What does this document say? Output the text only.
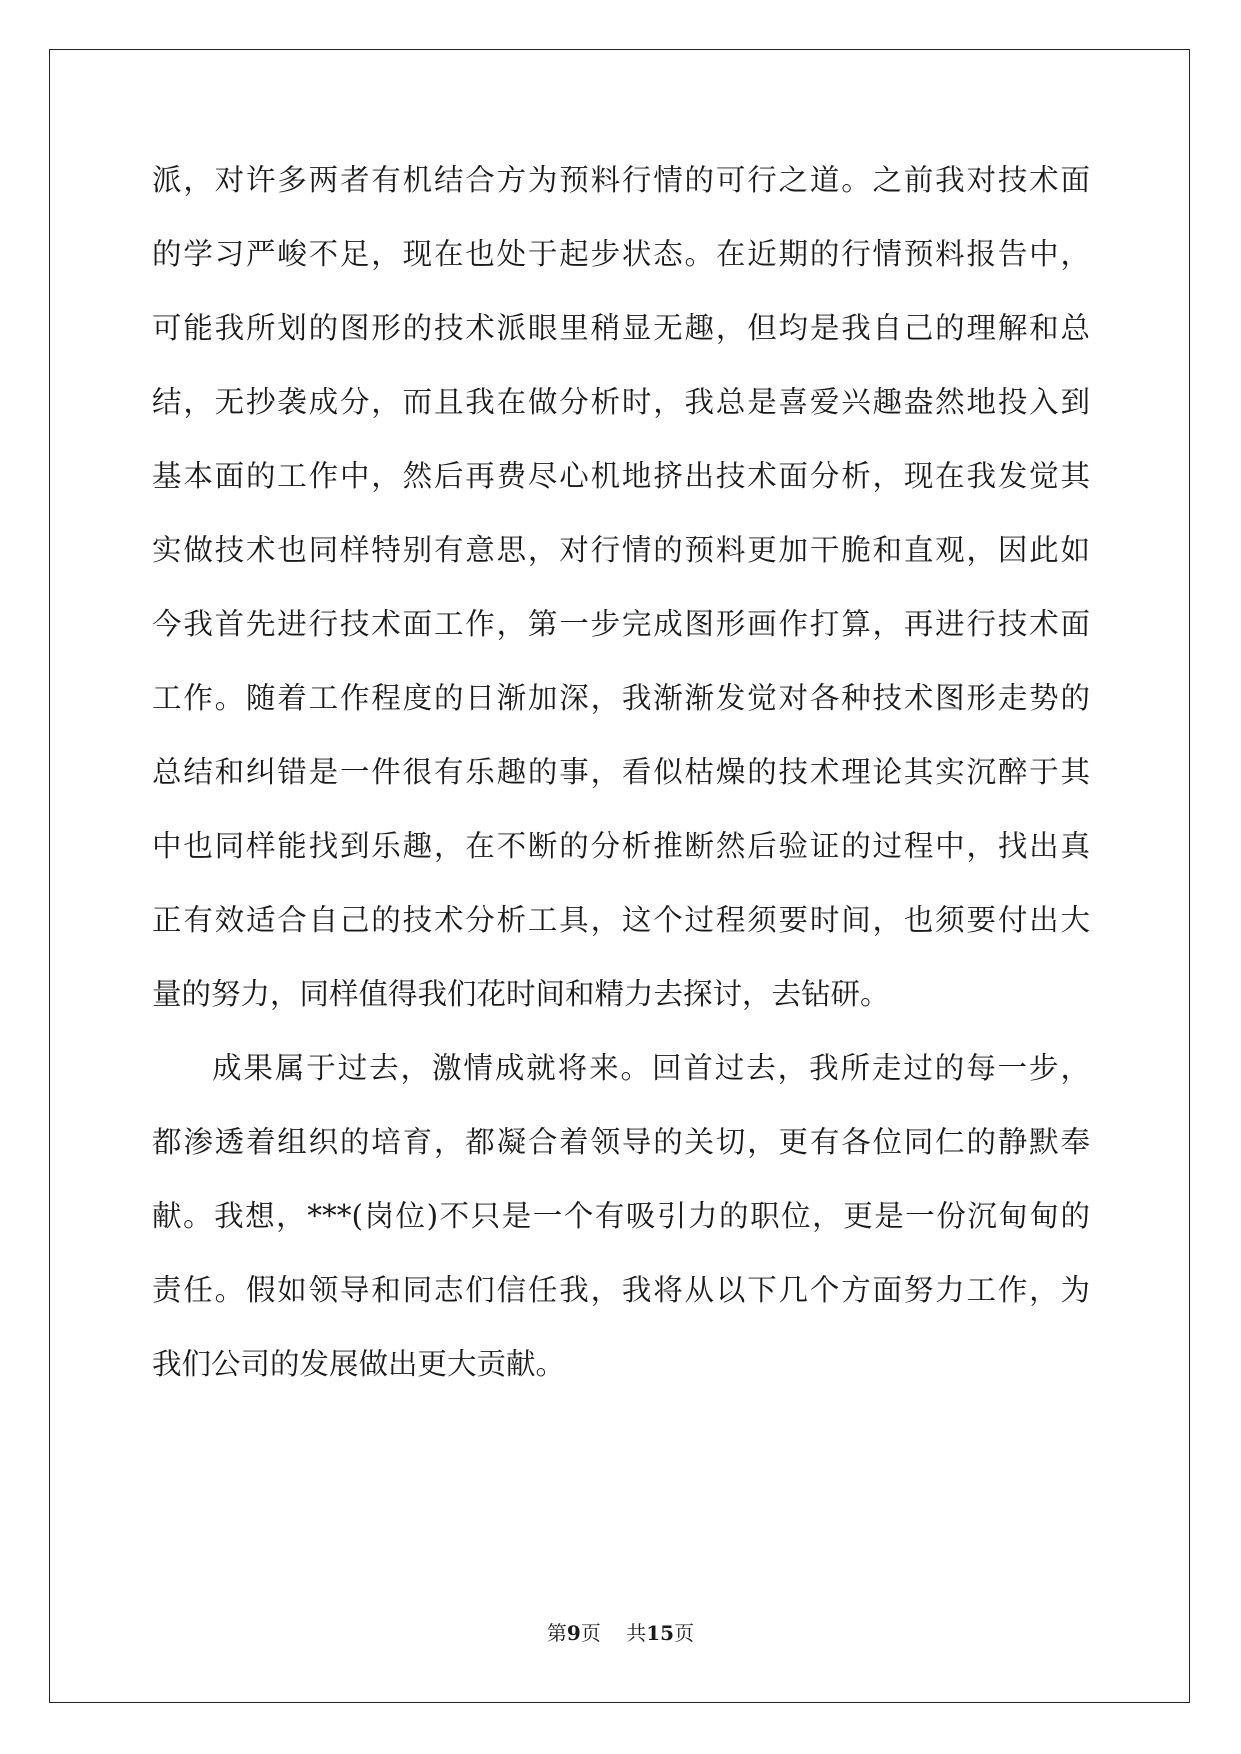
派，对许多两者有机结合方为预料行情的可行之道。之前我对技术面
的学习严峻不足，现在也处于起步状态。在近期的行情预料报告中，
可能我所划的图形的技术派眼里稍显无趣，但均是我自己的理解和总
结，无抄袭成分，而且我在做分析时，我总是喜爱兴趣盎然地投入到
基本面的工作中，然后再费尽心机地挤出技术面分析，现在我发觉其
实做技术也同样特别有意思，对行情的预料更加干脆和直观，因此如
今我首先进行技术面工作，第一步完成图形画作打算，再进行技术面
工作。随着工作程度的日渐加深，我渐渐发觉对各种技术图形走势的
总结和纠错是一件很有乐趣的事，看似枯燥的技术理论其实沉醉于其
中也同样能找到乐趣，在不断的分析推断然后验证的过程中，找出真
正有效适合自己的技术分析工具，这个过程须要时间，也须要付出大
量的努力，同样值得我们花时间和精力去探讨，去钻研。
成果属于过去，激情成就将来。回首过去，我所走过的每一步，
都渗透着组织的培育，都凝合着领导的关切，更有各位同仁的静默奉
献。我想，***(岗位)不只是一个有吸引力的职位，更是一份沉甸甸的
责任。假如领导和同志们信任我，我将从以下几个方面努力工作，为
我们公司的发展做出更大贡献。
第9页 共15页
